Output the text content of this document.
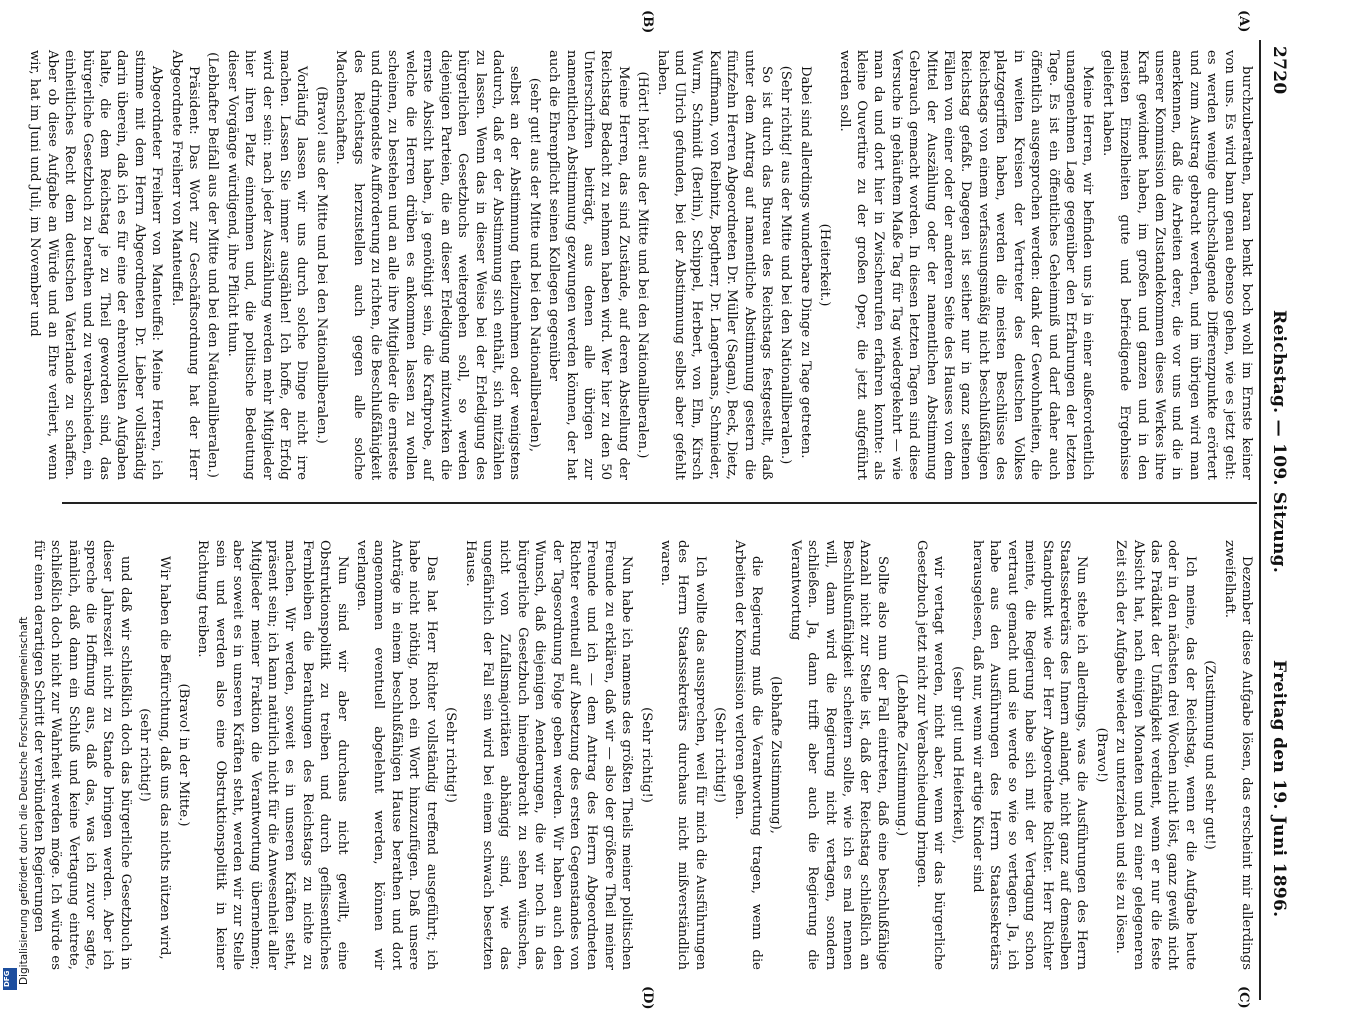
DFG Digitalisierung gefördert durch die Deutsche Forschungsgemeinschaft
2720
Reichstag. — 109. Sitzung.
Freitag den 19. Juni 1896.
(A)
(B)
(C)
(D)

burchzuberathen, baran benkt boch wohl im Ernste keiner von uns. Es wird bann genau ebenso gehen, wie es jetzt geht: es werden wenige durchschlagende Differenzpunkte erörtert und zum Austrag gebracht werden, und im übrigen wird man anerkennen, daß die Arbeiten derer, die vor uns und die in unserer Kommission dem Zustandekommen dieses Werkes ihre Kraft gewidmet haben, im großen und ganzen und in den meisten Einzelheiten gute und befriedigende Ergebnisse geliefert haben.

Meine Herren, wir befinden uns ja in einer außerordentlich unangenehmen Lage gegenüber den Erfahrungen der letzten Tage. Es ist ein öffentliches Geheimniß und darf daher auch öffentlich ausgesprochen werden: dank der Gewohnheiten, die in weiten Kreisen der Vertreter des deutschen Volkes platzgegriffen haben, werden die meisten Beschlüsse des Reichstags von einem verfassungsmäßig nicht beschlußfähigen Reichstag gefaßt. Dagegen ist seither nur in ganz seltenen Fällen von einer oder der anderen Seite des Hauses von dem Mittel der Auszählung oder der namentlichen Abstimmung Gebrauch gemacht worden. In diesen letzten Tagen sind diese Versuche in gehäuftem Maße Tag für Tag wiedergekehrt — wie man da und dort hier in Zwischenrufen erfahren konnte: als kleine Ouvertüre zu der großen Oper, die jetzt aufgeführt werden soll.

(Heiterkeit.)

Dabei sind allerdings wunderbare Dinge zu Tage getreten.

(Sehr richtig! aus der Mitte und bei den Nationalliberalen.)

So ist durch das Bureau des Reichstags festgestellt, daß unter dem Antrag auf namentliche Abstimmung gestern die fünfzehn Herren Abgeordneten Dr. Müller (Sagan), Beck, Dietz, Kauffmann, von Reibnitz, Bogtherr, Dr. Langerhans, Schmieder, Wurm, Schmidt (Berlin), Schippel, Herbert, von Elm, Kirsch und Ulrich gefunden, bei der Abstimmung selbst aber gefehlt haben.

(Hört! hört! aus der Mitte und bei den Nationalliberalen.)

Meine Herren, das sind Zustände, auf deren Abstellung der Reichstag Bedacht zu nehmen haben wird. Wer hier zu den 50 Unterschriften beiträgt, aus denen alle übrigen zur namentlichen Abstimmung gezwungen werden können, der hat auch die Ehrenpflicht seinen Kollegen gegenüber

(sehr gut! aus der Mitte und bei den Nationalliberalen),

selbst an der Abstimmung theilzunehmen oder wenigstens dadurch, daß er der Abstimmung sich enthält, sich mitzählen zu lassen. Wenn das in dieser Weise bei der Erledigung des bürgerlichen Gesetzbuchs weitergehen soll, so werden diejenigen Parteien, die an dieser Erledigung mitzuwirken die ernste Absicht haben, ja genöthigt sein, die Kraftprobe, auf welche die Herren drüben es ankommen lassen zu wollen scheinen, zu bestehen und an alle ihre Mitglieder die ernsteste und dringendste Aufforderung zu richten, die Beschlußfähigkeit des Reichstags herzustellen auch gegen alle solche Machenschaften.

(Bravo! aus der Mitte und bei den Nationalliberalen.)

Vorläufig lassen wir uns durch solche Dinge nicht irre machen. Lassen Sie immer ausgählen! Ich hoffe, der Erfolg wird der sein: nach jeder Auszählung werden mehr Mitglieder hier ihren Platz einnehmen und, die politische Bedeutung dieser Vorgänge würdigend, ihre Pflicht thun.

(Lebhafter Beifall aus der Mitte und bei den Nationalliberalen.)

Präsident: Das Wort zur Geschäftsordnung hat der Herr Abgeordnete Freiherr von Manteuffel.

Abgeordneter Freiherr von Manteuffel: Meine Herren, ich stimme mit dem Herrn Abgeordneten Dr. Lieber vollständig darin überein, daß ich es für eine der ehrenvollsten Aufgaben halte, die dem Reichstag je zu Theil geworden sind, das bürgerliche Gesetzbuch zu berathen und zu verabschieden, ein einheitliches Recht dem deutschen Vaterlande zu schaffen. Aber ob diese Aufgabe an Würde und an Ehre verliert, wenn wir, hat im Juni und Juli, im November und

Dezember diese Aufgabe lösen, das erscheint mir allerdings zweifelhaft.

(Zustimmung und sehr gut!)

Ich meine, das der Reichstag, wenn er die Aufgabe heute oder in den nächsten drei Wochen nicht löst, ganz gewiß nicht das Prädikat der Unfähigkeit verdient, wenn er nur die feste Absicht hat, nach einigen Monaten und zu einer gelegeneren Zeit sich der Aufgabe wieder zu unterziehen und sie zu lösen.

(Bravo!)

Nun stehe ich allerdings, was die Ausführungen des Herrn Staatssekretärs des Innern anlangt, nicht ganz auf demselben Standpunkt wie der Herr Abgeordnete Richter. Herr Richter meinte, die Regierung habe sich mit der Vertagung schon vertraut gemacht und sie werde so wie so vertagen. Ja, ich habe aus den Ausführungen des Herrn Staatssekretärs herausgelesen, daß nur, wenn wir artige Kinder sind

(sehr gut! und Heiterkeit),

wir vertagt werden, nicht aber, wenn wir das bürgerliche Gesetzbuch jetzt nicht zur Verabschiedung bringen.

(Lebhafte Zustimmung.)

Sollte also nun der Fall eintreten, daß eine beschlußfähige Anzahl nicht zur Stelle ist, daß der Reichstag schließlich an Beschlußunfähigkeit scheitern sollte, wie ich es mal nennen will, dann wird die Regierung nicht vertagen, sondern schließen. Ja, dann trifft aber auch die Regierung die Verantwortung

(lebhafte Zustimmung),

die Regierung muß die Verantwortung tragen, wenn die Arbeiten der Kommission verloren gehen.

(Sehr richtig!)

Ich wollte das aussprechen, weil für mich die Ausführungen des Herrn Staatssekretärs durchaus nicht mißverständlich waren.

(Sehr richtig!)

Nun habe ich namens des größten Theils meiner politischen Freunde zu erklären, daß wir — also der größere Theil meiner Freunde und ich — dem Antrag des Herrn Abgeordneten Richter eventuell auf Absetzung des ersten Gegenstandes von der Tagesordnung Folge geben werden. Wir haben auch den Wunsch, daß diejenigen Aenderungen, die wir noch in das bürgerliche Gesetzbuch hineingebracht zu sehen wünschen, nicht von Zufallsmajoritäten abhängig sind, wie das ungefährlich der Fall sein wird bei einem schwach besetzten Hause.

(Sehr richtig!)

Das hat Herr Richter vollständig treffend ausgeführt; ich habe nicht nöthig, noch ein Wort hinzuzufügen. Daß unsere Anträge in einem beschlußfähigen Hause berathen und dort angenommen eventuell abgelehnt werden, können wir verlangen.

Nun sind wir aber durchaus nicht gewillt, eine Obstruktionspolitik zu treiben und durch geflissentliches Fernbleiben die Berathungen des Reichstags zu nichte zu machen. Wir werden, soweit es in unseren Kräften steht, präsent sein; ich kann natürlich nicht für die Anwesenheit aller Mitglieder meiner Fraktion die Verantwortung übernehmen; aber soweit es in unseren Kräften steht, werden wir zur Stelle sein und werden also eine Obstruktionspolitik in keiner Richtung treiben.

(Bravo! in der Mitte.)

Wir haben die Befürchtung, daß uns das nichts nützen wird,

(sehr richtig!)

und daß wir schließlich doch das bürgerliche Gesetzbuch in dieser Jahreszeit nicht zu Stande bringen werden. Aber ich spreche die Hoffnung aus, daß das, was ich zuvor sagte, nämlich, daß dann ein Schluß und keine Vertagung eintrete, schließlich doch nicht zur Wahrheit werden möge. Ich würde es für einen derartigen Schritt der verbündeten Regierungen
